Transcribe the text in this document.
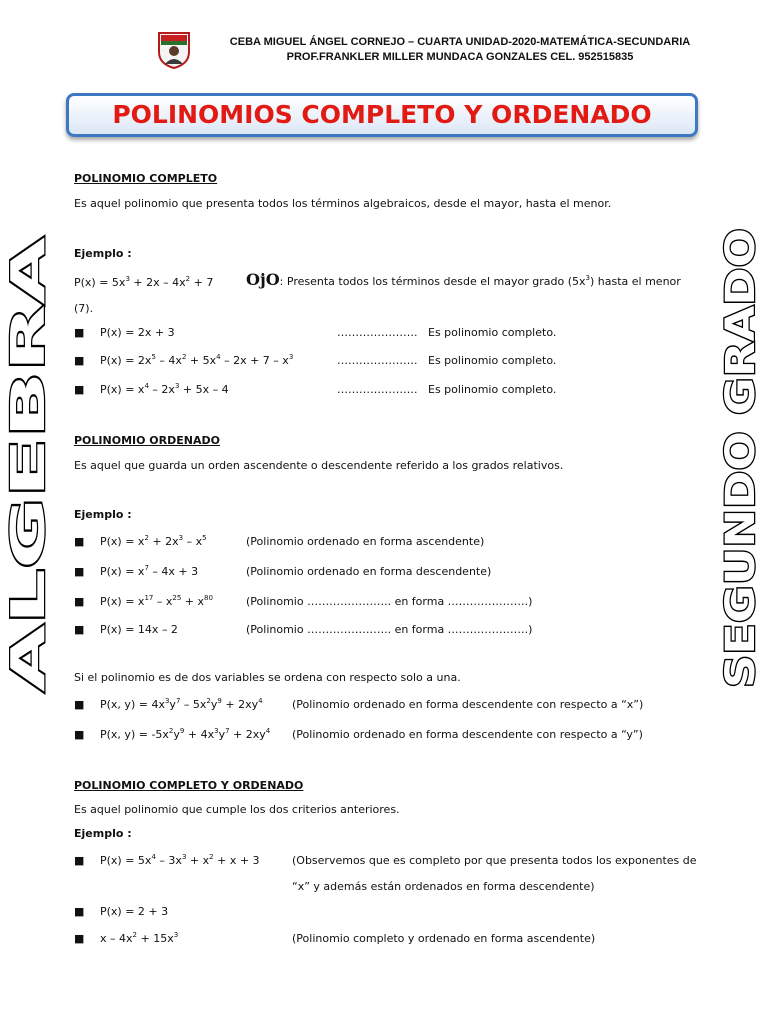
CEBA MIGUEL ÁNGEL CORNEJO – CUARTA UNIDAD-2020-MATEMÁTICA-SECUNDARIA
PROF.FRANKLER MILLER MUNDACA GONZALES CEL. 952515835
POLINOMIOS COMPLETO Y ORDENADO
ALGEBRA	SEGUNDO GRADO
POLINOMIO COMPLETO
Es aquel polinomio que presenta todos los términos algebraicos, desde el mayor, hasta el menor.
Ejemplo :
$P(x) = 5x^3 + 2x - 4x^2 + 7$ OjO: Presenta todos los términos desde el mayor grado $(5x^3)$ hasta el menor
(7).
■ P(x) = 2x + 3	…………………. Es polinomio completo.
■ $P(x) = 2x^5 - 4x^2 + 5x^4 - 2x + 7 - x^3$	…………………. Es polinomio completo.
■ $P(x) = x^4 - 2x^3 + 5x - 4$	…………………. Es polinomio completo.
POLINOMIO ORDENADO
Es aquel que guarda un orden ascendente o descendente referido a los grados relativos.
Ejemplo :
■ $P(x) = x^2 + 2x^3 - x^5$	(Polinomio ordenado en forma ascendente)
■ $P(x) = x^7 - 4x + 3$	(Polinomio ordenado en forma descendente)
■ $P(x) = x^{17} - x^{25} + x^{80}$	(Polinomio ………………….. en forma ………………….)
■ P(x) = 14x – 2	(Polinomio ………………….. en forma ………………….)
Si el polinomio es de dos variables se ordena con respecto solo a una.
■ P(x, $y) = 4x^3y^7 - 5x^2y^9 + 2xy^4$	(Polinomio ordenado en forma descendente con respecto a “x”)
■ P(x, $y) = -5x^2y^9 + 4x^3y^7 + 2xy^4$ (Polinomio ordenado en forma descendente con respecto a “y”)
POLINOMIO COMPLETO Y ORDENADO
Es aquel polinomio que cumple los dos criterios anteriores.
Ejemplo :
■ $P(x) = 5x^4 - 3x^3 + x^2 + x + 3$	(Observemos que es completo por que presenta todos los exponentes de
“x” y además están ordenados en forma descendente)
■ P(x) = 2 + 3
■ $x - 4x^2 + 15x^3$	(Polinomio completo y ordenado en forma ascendente)
